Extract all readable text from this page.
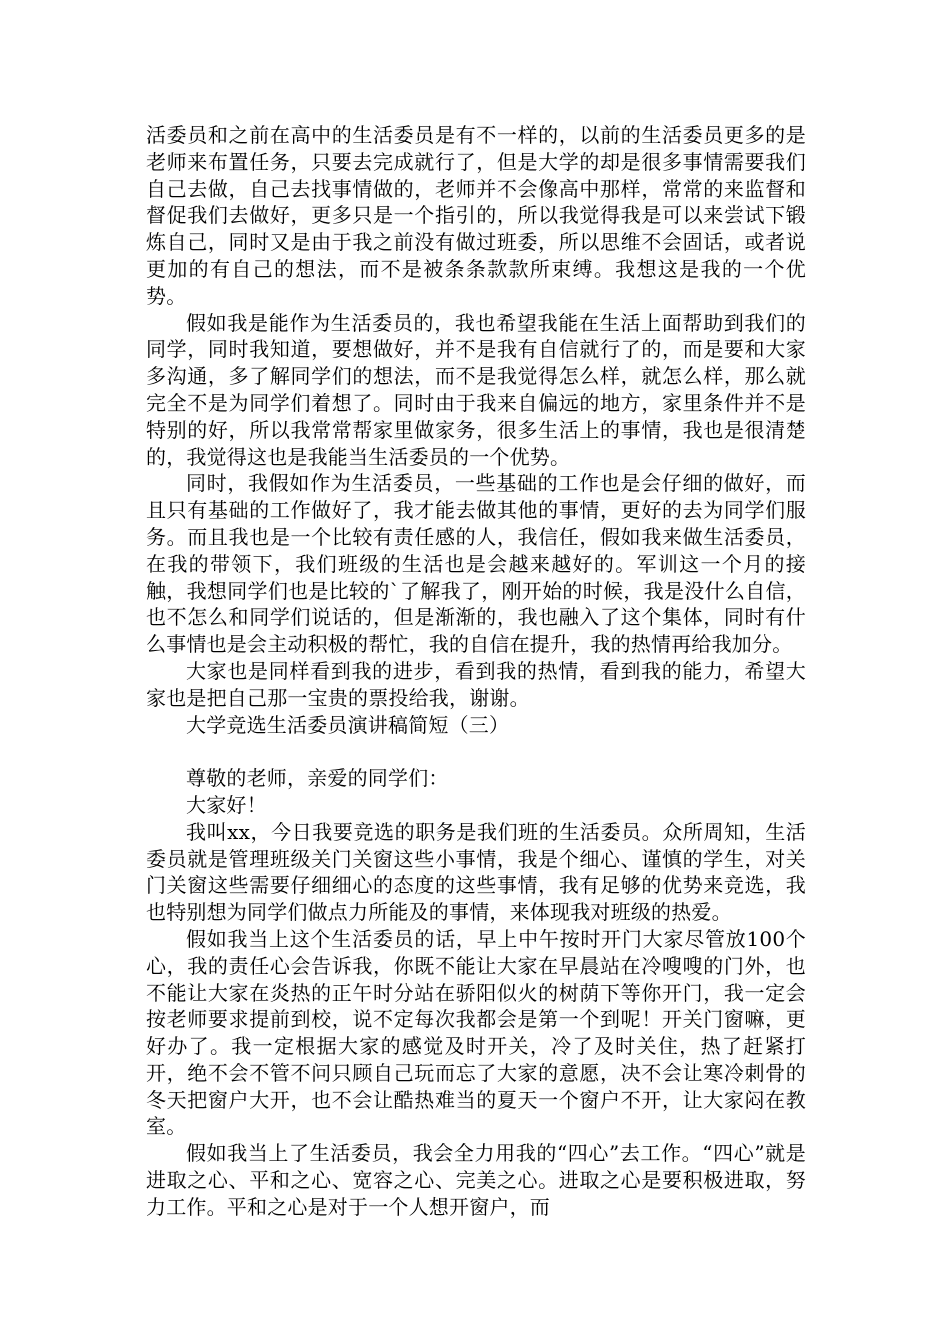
活委员和之前在高中的生活委员是有不一样的，以前的生活委员更多的是老师来布置任务，只要去完成就行了，但是大学的却是很多事情需要我们自己去做，自己去找事情做的，老师并不会像高中那样，常常的来监督和督促我们去做好，更多只是一个指引的，所以我觉得我是可以来尝试下锻炼自己，同时又是由于我之前没有做过班委，所以思维不会固话，或者说更加的有自己的想法，而不是被条条款款所束缚。我想这是我的一个优势。

假如我是能作为生活委员的，我也希望我能在生活上面帮助到我们的同学，同时我知道，要想做好，并不是我有自信就行了的，而是要和大家多沟通，多了解同学们的想法，而不是我觉得怎么样，就怎么样，那么就完全不是为同学们着想了。同时由于我来自偏远的地方，家里条件并不是特别的好，所以我常常帮家里做家务，很多生活上的事情，我也是很清楚的，我觉得这也是我能当生活委员的一个优势。

同时，我假如作为生活委员，一些基础的工作也是会仔细的做好，而且只有基础的工作做好了，我才能去做其他的事情，更好的去为同学们服务。而且我也是一个比较有责任感的人，我信任，假如我来做生活委员，在我的带领下，我们班级的生活也是会越来越好的。军训这一个月的接触，我想同学们也是比较的`了解我了，刚开始的时候，我是没什么自信，也不怎么和同学们说话的，但是渐渐的，我也融入了这个集体，同时有什么事情也是会主动积极的帮忙，我的自信在提升，我的热情再给我加分。

大家也是同样看到我的进步，看到我的热情，看到我的能力，希望大家也是把自己那一宝贵的票投给我，谢谢。

大学竞选生活委员演讲稿简短（三）

尊敬的老师，亲爱的同学们：

大家好！

我叫xx，今日我要竞选的职务是我们班的生活委员。众所周知，生活委员就是管理班级关门关窗这些小事情，我是个细心、谨慎的学生，对关门关窗这些需要仔细细心的态度的这些事情，我有足够的优势来竞选，我也特别想为同学们做点力所能及的事情，来体现我对班级的热爱。

假如我当上这个生活委员的话，早上中午按时开门大家尽管放100个心，我的责任心会告诉我，你既不能让大家在早晨站在冷嗖嗖的门外，也不能让大家在炎热的正午时分站在骄阳似火的树荫下等你开门，我一定会按老师要求提前到校，说不定每次我都会是第一个到呢！开关门窗嘛，更好办了。我一定根据大家的感觉及时开关，冷了及时关住，热了赶紧打开，绝不会不管不问只顾自己玩而忘了大家的意愿，决不会让寒冷刺骨的冬天把窗户大开，也不会让酷热难当的夏天一个窗户不开，让大家闷在教室。

假如我当上了生活委员，我会全力用我的“四心”去工作。“四心”就是进取之心、平和之心、宽容之心、完美之心。进取之心是要积极进取，努力工作。平和之心是对于一个人想开窗户，而
